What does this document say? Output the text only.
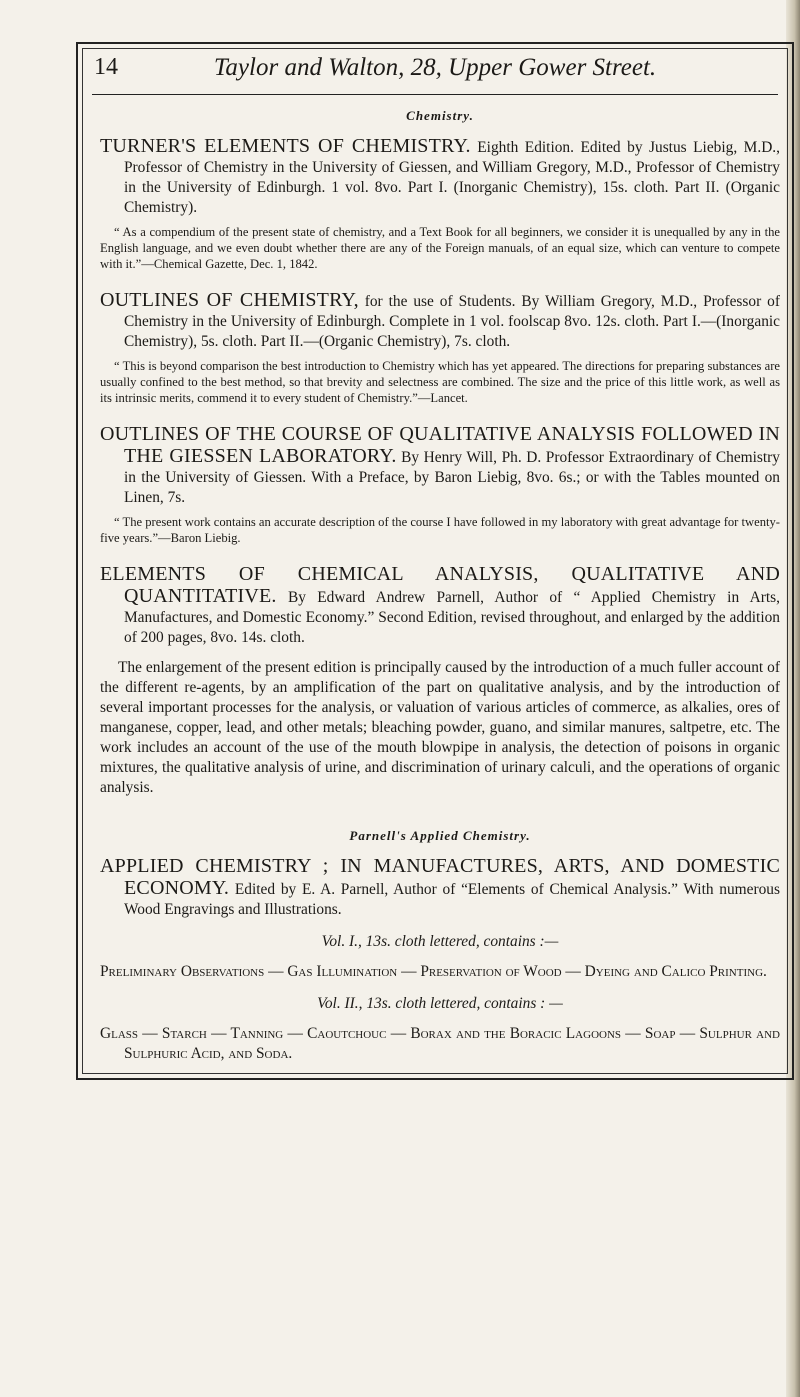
14	Taylor and Walton, 28, Upper Gower Street.
Chemistry.
TURNER'S ELEMENTS OF CHEMISTRY. Eighth Edition. Edited by Justus Liebig, M.D., Professor of Chemistry in the University of Giessen, and William Gregory, M.D., Professor of Chemistry in the University of Edinburgh. 1 vol. 8vo. Part I. (Inorganic Chemistry), 15s. cloth. Part II. (Organic Chemistry).
“ As a compendium of the present state of chemistry, and a Text Book for all beginners, we consider it is unequalled by any in the English language, and we even doubt whether there are any of the Foreign manuals, of an equal size, which can venture to compete with it.”—Chemical Gazette, Dec. 1, 1842.
OUTLINES OF CHEMISTRY, for the use of Students. By William Gregory, M.D., Professor of Chemistry in the University of Edinburgh. Complete in 1 vol. foolscap 8vo. 12s. cloth. Part I.—(Inorganic Chemistry), 5s. cloth. Part II.—(Organic Chemistry), 7s. cloth.
“ This is beyond comparison the best introduction to Chemistry which has yet appeared. The directions for preparing substances are usually confined to the best method, so that brevity and selectness are combined. The size and the price of this little work, as well as its intrinsic merits, commend it to every student of Chemistry.”—Lancet.
OUTLINES OF THE COURSE OF QUALITATIVE ANALYSIS FOLLOWED IN THE GIESSEN LABORATORY. By Henry Will, Ph. D. Professor Extraordinary of Chemistry in the University of Giessen. With a Preface, by Baron Liebig, 8vo. 6s.; or with the Tables mounted on Linen, 7s.
“ The present work contains an accurate description of the course I have followed in my laboratory with great advantage for twenty-five years.”—Baron Liebig.
ELEMENTS OF CHEMICAL ANALYSIS, QUALITATIVE AND QUANTITATIVE. By Edward Andrew Parnell, Author of “ Applied Chemistry in Arts, Manufactures, and Domestic Economy.” Second Edition, revised throughout, and enlarged by the addition of 200 pages, 8vo. 14s. cloth.
The enlargement of the present edition is principally caused by the introduction of a much fuller account of the different re-agents, by an amplification of the part on qualitative analysis, and by the introduction of several important processes for the analysis, or valuation of various articles of commerce, as alkalies, ores of manganese, copper, lead, and other metals; bleaching powder, guano, and similar manures, saltpetre, etc. The work includes an account of the use of the mouth blowpipe in analysis, the detection of poisons in organic mixtures, the qualitative analysis of urine, and discrimination of urinary calculi, and the operations of organic analysis.
Parnell's Applied Chemistry.
APPLIED CHEMISTRY ; IN MANUFACTURES, ARTS, AND DOMESTIC ECONOMY. Edited by E. A. Parnell, Author of “Elements of Chemical Analysis.” With numerous Wood Engravings and Illustrations.
Vol. I., 13s. cloth lettered, contains :—
Preliminary Observations — Gas Illumination — Preservation of Wood — Dyeing and Calico Printing.
Vol. II., 13s. cloth lettered, contains : —
Glass — Starch — Tanning — Caoutchouc — Borax and the Boracic Lagoons — Soap — Sulphur and Sulphuric Acid, and Soda.
